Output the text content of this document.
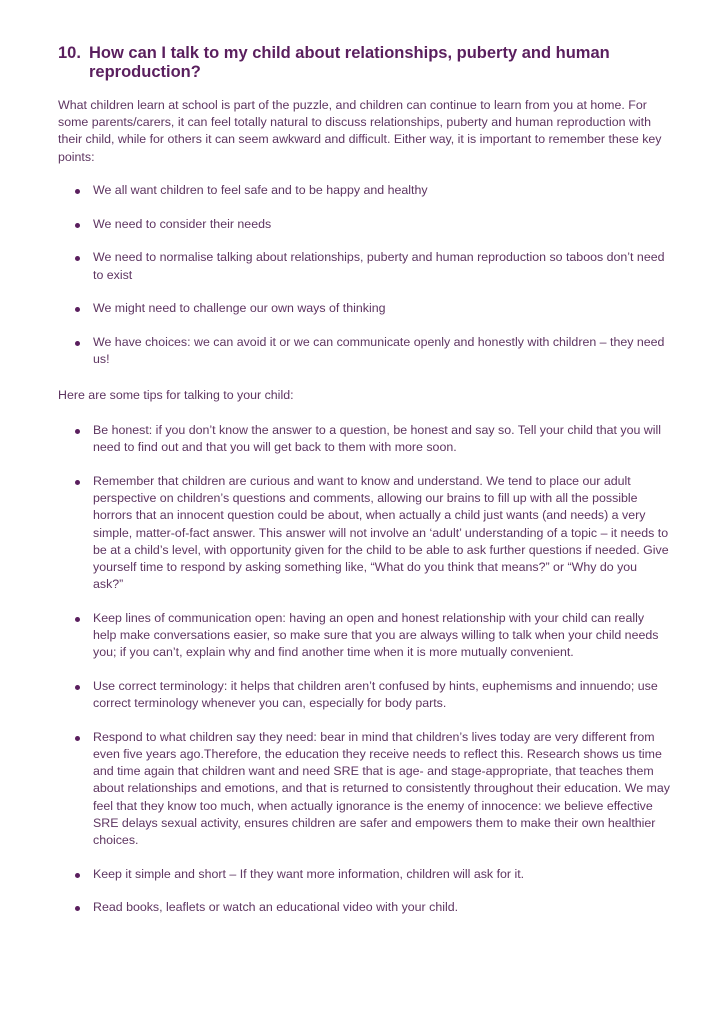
10. How can I talk to my child about relationships, puberty and human reproduction?

What children learn at school is part of the puzzle, and children can continue to learn from you at home. For some parents/carers, it can feel totally natural to discuss relationships, puberty and human reproduction with their child, while for others it can seem awkward and difficult. Either way, it is important to remember these key points:

We all want children to feel safe and to be happy and healthy
We need to consider their needs
We need to normalise talking about relationships, puberty and human reproduction so taboos don’t need to exist
We might need to challenge our own ways of thinking
We have choices: we can avoid it or we can communicate openly and honestly with children – they need us!

Here are some tips for talking to your child:

Be honest: if you don’t know the answer to a question, be honest and say so. Tell your child that you will need to find out and that you will get back to them with more soon.
Remember that children are curious and want to know and understand. We tend to place our adult perspective on children’s questions and comments, allowing our brains to fill up with all the possible horrors that an innocent question could be about, when actually a child just wants (and needs) a very simple, matter-of-fact answer. This answer will not involve an ‘adult’ understanding of a topic – it needs to be at a child’s level, with opportunity given for the child to be able to ask further questions if needed. Give yourself time to respond by asking something like, “What do you think that means?” or “Why do you ask?”
Keep lines of communication open: having an open and honest relationship with your child can really help make conversations easier, so make sure that you are always willing to talk when your child needs you; if you can’t, explain why and find another time when it is more mutually convenient.
Use correct terminology: it helps that children aren’t confused by hints, euphemisms and innuendo; use correct terminology whenever you can, especially for body parts.
Respond to what children say they need: bear in mind that children’s lives today are very different from even five years ago.Therefore, the education they receive needs to reflect this. Research shows us time and time again that children want and need SRE that is age- and stage-appropriate, that teaches them about relationships and emotions, and that is returned to consistently throughout their education. We may feel that they know too much, when actually ignorance is the enemy of innocence: we believe effective SRE delays sexual activity, ensures children are safer and empowers them to make their own healthier choices.
Keep it simple and short – If they want more information, children will ask for it.
Read books, leaflets or watch an educational video with your child.
